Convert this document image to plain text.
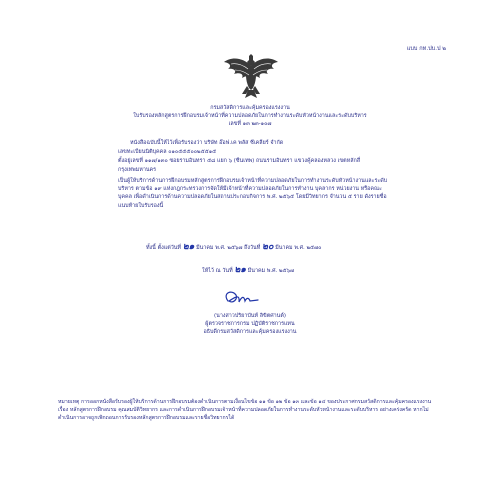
แบบ กท.ปบ.ป ๒

กรมสวัสดิการและคุ้มครองแรงงาน

ใบรับรองหลักสูตรการฝึกอบรมเจ้าหน้าที่ความปลอดภัยในการทำงานระดับหัวหน้างานและระดับบริหาร

เลขที่ ๑๓ ๒๓-๑๐๗

หนังสือฉบับนี้ให้ไว้เพื่อรับรองว่า บริษัท อ๊อฟ.เค พลัส ซีเคลียร์ จำกัด

เลขทะเบียนนิติบุคคล ๐๑๐๕๕๕๐๐๒๕๕๑๕

ตั้งอยู่เลขที่ ๑๑๗/๑๓๐ ซอยรามอินทรา ๕๘ แยก ๖ (ซีนเทพ) ถนนรามอินทรา แขวงคู้คลองหลวง เขตหลักสี่

กรุงเทพมหานคร

เป็นผู้ให้บริการด้านการฝึกอบรมหลักสูตรการฝึกอบรมเจ้าหน้าที่ความปลอดภัยในการทำงานระดับหัวหน้างานและระดับบริหาร ตามข้อ ๑๙ แห่งกฎกระทรวงการจัดให้มีเจ้าหน้าที่ความปลอดภัยในการทำงาน บุคลากร หน่วยงาน หรือคณะบุคคล เพื่อดำเนินการด้านความปลอดภัยในสถานประกอบกิจการ พ.ศ. ๒๕๖๕ โดยมีวิทยากร จำนวน ๕ ราย ดังรายชื่อแนบท้ายใบรับรองนี้

ทั้งนี้ ตั้งแต่วันที่ ๒๑ มีนาคม พ.ศ. ๒๕๖๗ ถึงวันที่ ๒๐ มีนาคม พ.ศ. ๒๕๗๐

ให้ไว้ ณ วันที่ ๒๑ มีนาคม พ.ศ. ๒๕๖๗

(นางสาวปริยาบันท์ ลิขิตศานต์)

ผู้ตรวจราชการกรม ปฏิบัติราชการแทน

อธิบดีกรมสวัสดิการและคุ้มครองแรงงาน

หมายเหตุ การออกหนังสือรับรองผู้ให้บริการด้านการฝึกอบรมต้องดำเนินการตามเงื่อนไขข้อ ๑๑ ข้อ ๑๒ ข้อ ๑๓ และข้อ ๑๔ ของประกาศกรมสวัสดิการและคุ้มครองแรงงาน เรื่อง หลักสูตรการฝึกอบรม คุณสมบัติวิทยากร และการดำเนินการฝึกอบรมเจ้าหน้าที่ความปลอดภัยในการทำงานระดับหัวหน้างานและระดับบริหาร อย่างเคร่งครัด หากไม่ดำเนินการอาจถูกเพิกถอนการรับรองหลักสูตรการฝึกอบรมและรายชื่อวิทยากรได้
